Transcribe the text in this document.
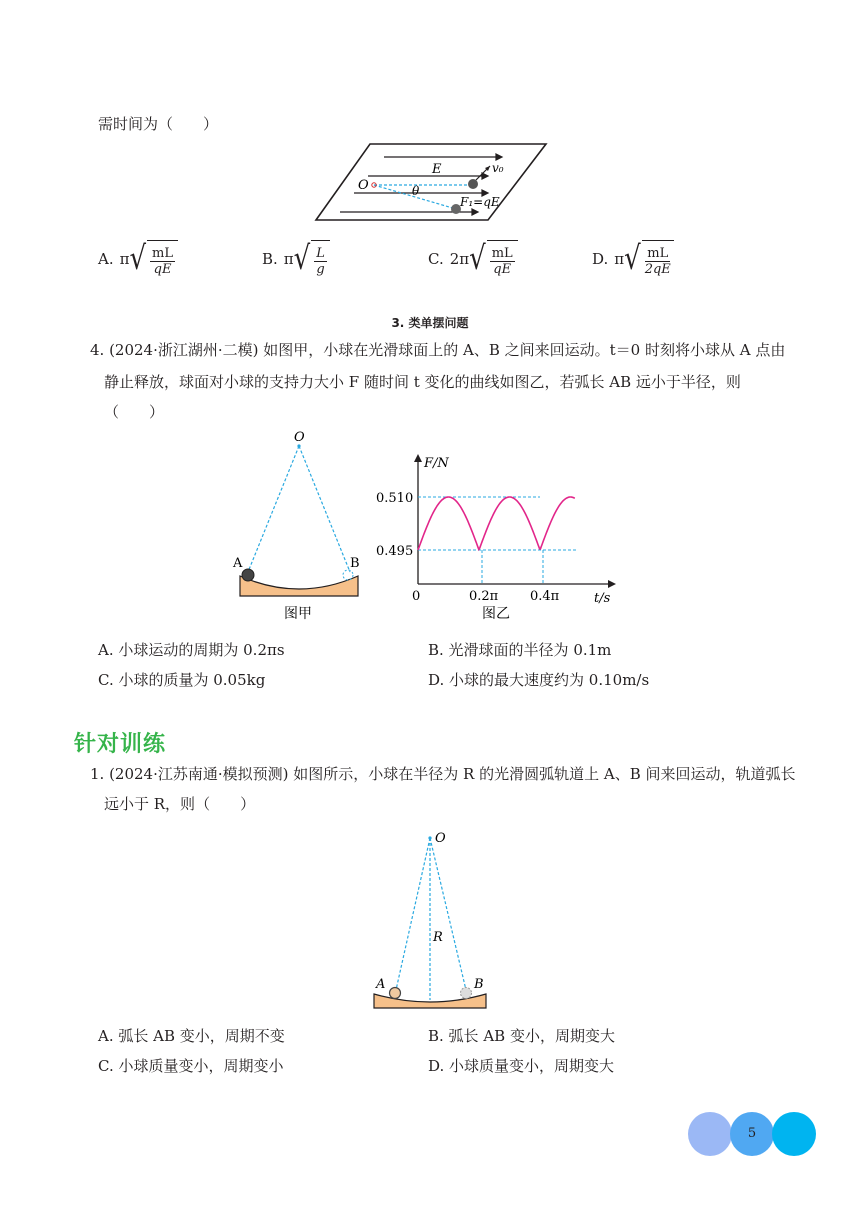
需时间为（　　）
E	v₀
O	θ
F₁=qE
A. π √ $\frac{mL}{qE}$	B. π √ $\frac{L}{g}$	C. 2π √ $\frac{mL}{qE}$	D. π √ $\frac{mL}{2qE}$
3. 类单摆问题
4. (2024·浙江湖州·二模) 如图甲，小球在光滑球面上的 A、B 之间来回运动。t＝0 时刻将小球从 A 点由
静止释放，球面对小球的支持力大小 F 随时间 t 变化的曲线如图乙，若弧长 AB 远小于半径，则
（　　）
O
A	B
图甲
0.510
0.495
0	0.2π 0.4π
F/N
t/s
图乙
A. 小球运动的周期为 0.2πs	B. 光滑球面的半径为 0.1m
C. 小球的质量为 0.05kg	D. 小球的最大速度约为 0.10m/s
针对训练
1. (2024·江苏南通·模拟预测) 如图所示，小球在半径为 R 的光滑圆弧轨道上 A、B 间来回运动，轨道弧长
远小于 R，则（　　）
O
R
A	B
A. 弧长 AB 变小，周期不变	B. 弧长 AB 变小，周期变大
C. 小球质量变小，周期变小	D. 小球质量变小，周期变大
5
